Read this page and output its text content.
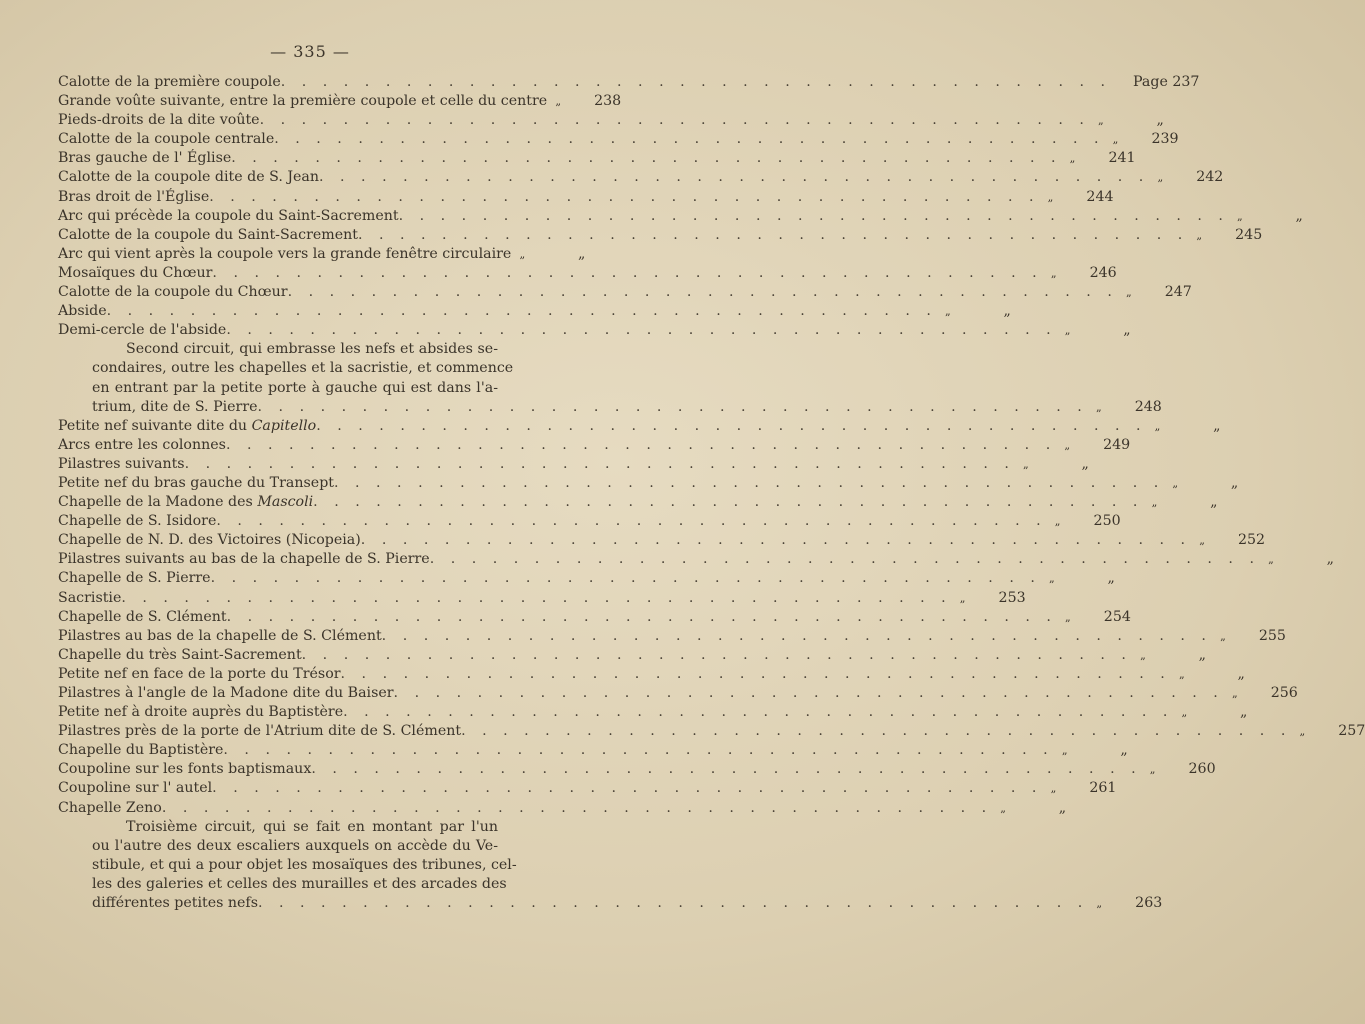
— 335 —
Calotte de la première coupole . . . . . . . . . . . . . . . . . . . . . . . . . . . . . . . . . . . . . . . . Page 237
Grande voûte suivante, entre la première coupole et celle du centre „	238
Pieds-droits de la dite voûte . . . . . . . . . . . . . . . . . . . . . . . . . . . . . . . . . . . . . . . . „	„
Calotte de la coupole centrale . . . . . . . . . . . . . . . . . . . . . . . . . . . . . . . . . . . . . . . . „	239
Bras gauche de l' Église . . . . . . . . . . . . . . . . . . . . . . . . . . . . . . . . . . . . . . . . „	241
Calotte de la coupole dite de S. Jean . . . . . . . . . . . . . . . . . . . . . . . . . . . . . . . . . . . . . . . . „	242
Bras droit de l'Église . . . . . . . . . . . . . . . . . . . . . . . . . . . . . . . . . . . . . . . . „	244
Arc qui précède la coupole du Saint-Sacrement . . . . . . . . . . . . . . . . . . . . . . . . . . . . . . . . . . . . . . . . „	„
Calotte de la coupole du Saint-Sacrement . . . . . . . . . . . . . . . . . . . . . . . . . . . . . . . . . . . . . . . . „	245
Arc qui vient après la coupole vers la grande fenêtre circulaire „	„
Mosaïques du Chœur . . . . . . . . . . . . . . . . . . . . . . . . . . . . . . . . . . . . . . . . „	246
Calotte de la coupole du Chœur . . . . . . . . . . . . . . . . . . . . . . . . . . . . . . . . . . . . . . . . „	247
Abside . . . . . . . . . . . . . . . . . . . . . . . . . . . . . . . . . . . . . . . . „	„
Demi-cercle de l'abside . . . . . . . . . . . . . . . . . . . . . . . . . . . . . . . . . . . . . . . . „	„
Second circuit, qui embrasse les nefs et absides se-
condaires, outre les chapelles et la sacristie, et commence
en entrant par la petite porte à gauche qui est dans l'a-
trium, dite de S. Pierre . . . . . . . . . . . . . . . . . . . . . . . . . . . . . . . . . . . . . . . . „	248
Petite nef suivante dite du Capitello . . . . . . . . . . . . . . . . . . . . . . . . . . . . . . . . . . . . . . . . „	„
Arcs entre les colonnes . . . . . . . . . . . . . . . . . . . . . . . . . . . . . . . . . . . . . . . . „	249
Pilastres suivants . . . . . . . . . . . . . . . . . . . . . . . . . . . . . . . . . . . . . . . . „	„
Petite nef du bras gauche du Transept . . . . . . . . . . . . . . . . . . . . . . . . . . . . . . . . . . . . . . . . „	„
Chapelle de la Madone des Mascoli . . . . . . . . . . . . . . . . . . . . . . . . . . . . . . . . . . . . . . . . „	„
Chapelle de S. Isidore . . . . . . . . . . . . . . . . . . . . . . . . . . . . . . . . . . . . . . . . „	250
Chapelle de N. D. des Victoires (Nicopeia) . . . . . . . . . . . . . . . . . . . . . . . . . . . . . . . . . . . . . . . . „	252
Pilastres suivants au bas de la chapelle de S. Pierre . . . . . . . . . . . . . . . . . . . . . . . . . . . . . . . . . . . . . . . . „	„
Chapelle de S. Pierre . . . . . . . . . . . . . . . . . . . . . . . . . . . . . . . . . . . . . . . . „	„
Sacristie . . . . . . . . . . . . . . . . . . . . . . . . . . . . . . . . . . . . . . . . „	253
Chapelle de S. Clément . . . . . . . . . . . . . . . . . . . . . . . . . . . . . . . . . . . . . . . . „	254
Pilastres au bas de la chapelle de S. Clément . . . . . . . . . . . . . . . . . . . . . . . . . . . . . . . . . . . . . . . . „	255
Chapelle du très Saint-Sacrement . . . . . . . . . . . . . . . . . . . . . . . . . . . . . . . . . . . . . . . . „	„
Petite nef en face de la porte du Trésor . . . . . . . . . . . . . . . . . . . . . . . . . . . . . . . . . . . . . . . . „	„
Pilastres à l'angle de la Madone dite du Baiser . . . . . . . . . . . . . . . . . . . . . . . . . . . . . . . . . . . . . . . . „	256
Petite nef à droite auprès du Baptistère . . . . . . . . . . . . . . . . . . . . . . . . . . . . . . . . . . . . . . . . „	„
Pilastres près de la porte de l'Atrium dite de S. Clément . . . . . . . . . . . . . . . . . . . . . . . . . . . . . . . . . . . . . . . . „	257
Chapelle du Baptistère . . . . . . . . . . . . . . . . . . . . . . . . . . . . . . . . . . . . . . . . „	„
Coupoline sur les fonts baptismaux . . . . . . . . . . . . . . . . . . . . . . . . . . . . . . . . . . . . . . . . „	260
Coupoline sur l' autel . . . . . . . . . . . . . . . . . . . . . . . . . . . . . . . . . . . . . . . . „	261
Chapelle Zeno . . . . . . . . . . . . . . . . . . . . . . . . . . . . . . . . . . . . . . . . „	„
Troisième circuit, qui se fait en montant par l'un
ou l'autre des deux escaliers auxquels on accède du Ve-
stibule, et qui a pour objet les mosaïques des tribunes, cel-
les des galeries et celles des murailles et des arcades des
différentes petites nefs . . . . . . . . . . . . . . . . . . . . . . . . . . . . . . . . . . . . . . . . „	263
